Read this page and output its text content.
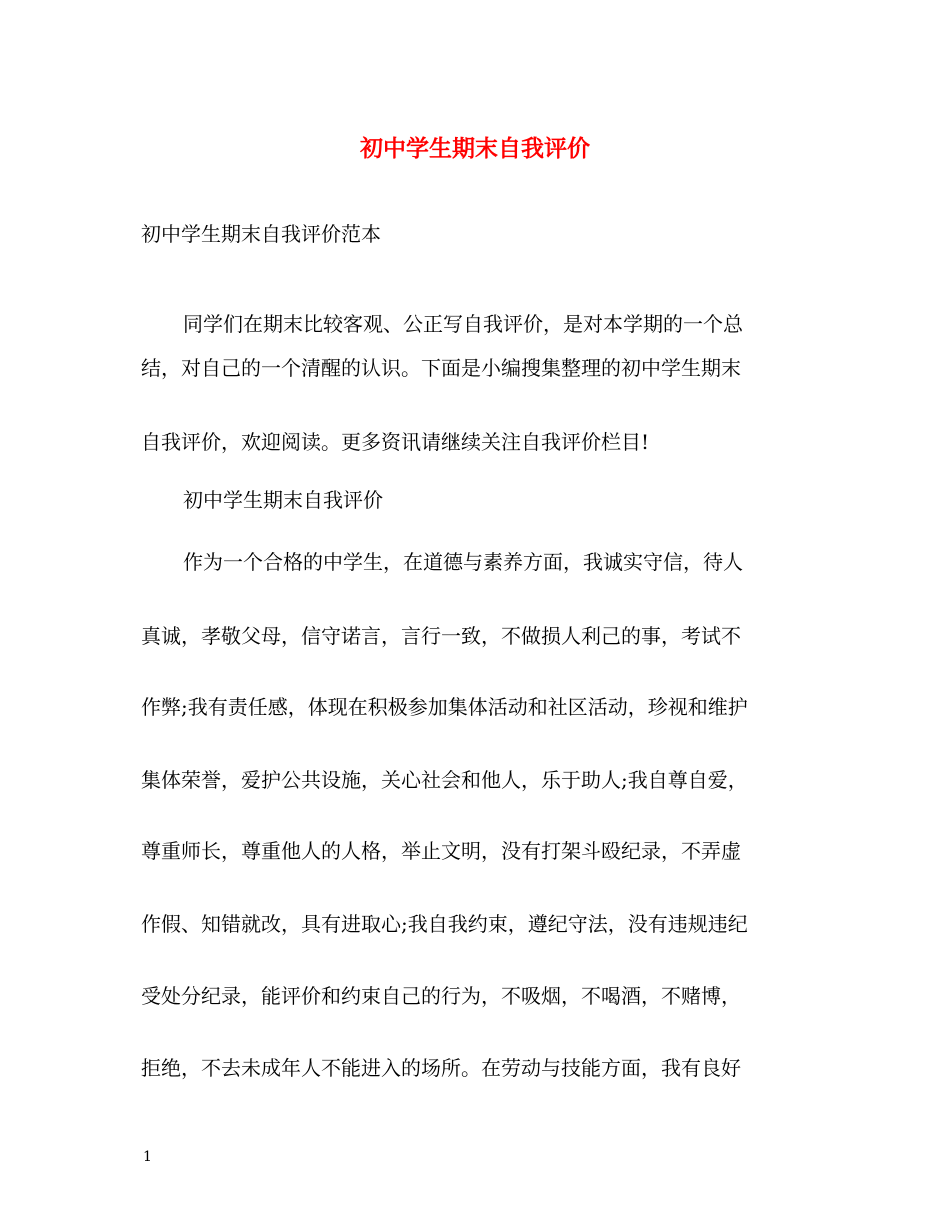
初中学生期末自我评价
初中学生期末自我评价范本
同学们在期末比较客观、公正写自我评价，是对本学期的一个总
结，对自己的一个清醒的认识。下面是小编搜集整理的初中学生期末
自我评价，欢迎阅读。更多资讯请继续关注自我评价栏目!
初中学生期末自我评价
作为一个合格的中学生，在道德与素养方面，我诚实守信，待人
真诚，孝敬父母，信守诺言，言行一致，不做损人利己的事，考试不
作弊;我有责任感，体现在积极参加集体活动和社区活动，珍视和维护
集体荣誉，爱护公共设施，关心社会和他人，乐于助人;我自尊自爱，
尊重师长，尊重他人的人格，举止文明，没有打架斗殴纪录，不弄虚
作假、知错就改，具有进取心;我自我约束，遵纪守法，没有违规违纪
受处分纪录，能评价和约束自己的行为，不吸烟，不喝酒，不赌博，
拒绝，不去未成年人不能进入的场所。在劳动与技能方面，我有良好
1
